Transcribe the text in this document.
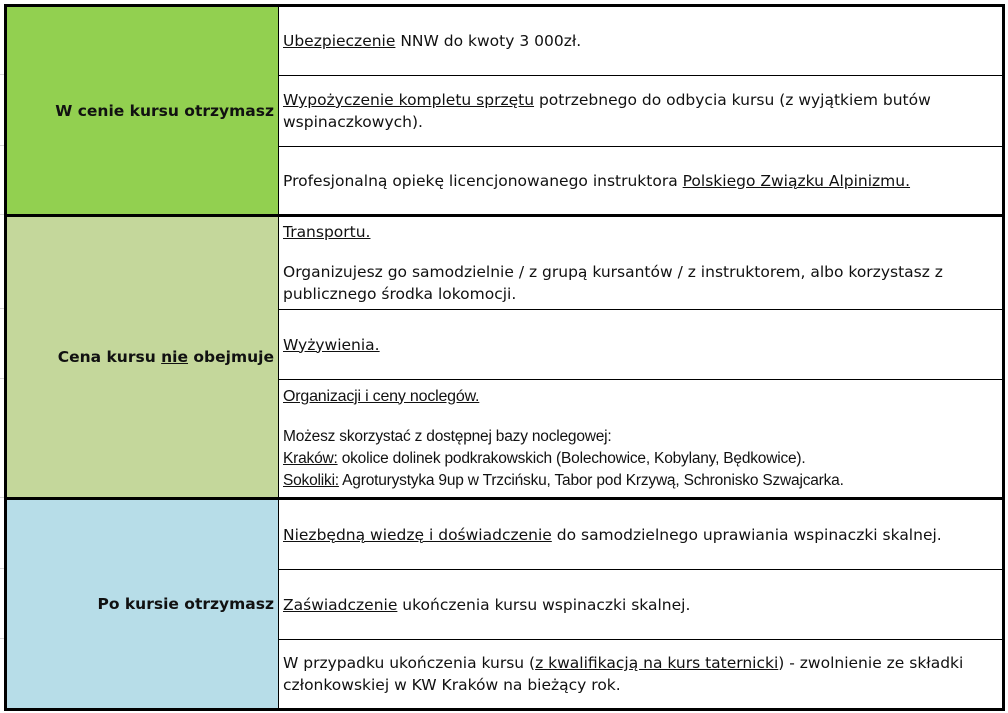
W cenie kursu otrzymasz	Ubezpieczenie NNW do kwoty 3 000zł.
	Wypożyczenie kompletu sprzętu potrzebnego do odbycia kursu (z wyjątkiem butów wspinaczkowych).
	Profesjonalną opiekę licencjonowanego instruktora Polskiego Związku Alpinizmu.
Cena kursu nie obejmuje	Transportu.
Organizujesz go samodzielnie / z grupą kursantów / z instruktorem, albo korzystasz z publicznego środka lokomocji.

	Wyżywienia.

	Organizacji i ceny noclegów.
Możesz skorzystać z dostępnej bazy noclegowej:
Kraków: okolice dolinek podkrakowskich (Bolechowice, Kobylany, Będkowice).
Sokoliki: Agroturystyka 9up w Trzcińsku, Tabor pod Krzywą, Schronisko Szwajcarka.

Po kursie otrzymasz	Niezbędną wiedzę i doświadczenie do samodzielnego uprawiania wspinaczki skalnej.
	Zaświadczenie ukończenia kursu wspinaczki skalnej.
	W przypadku ukończenia kursu (z kwalifikacją na kurs taternicki) - zwolnienie ze składki członkowskiej w KW Kraków na bieżący rok.
